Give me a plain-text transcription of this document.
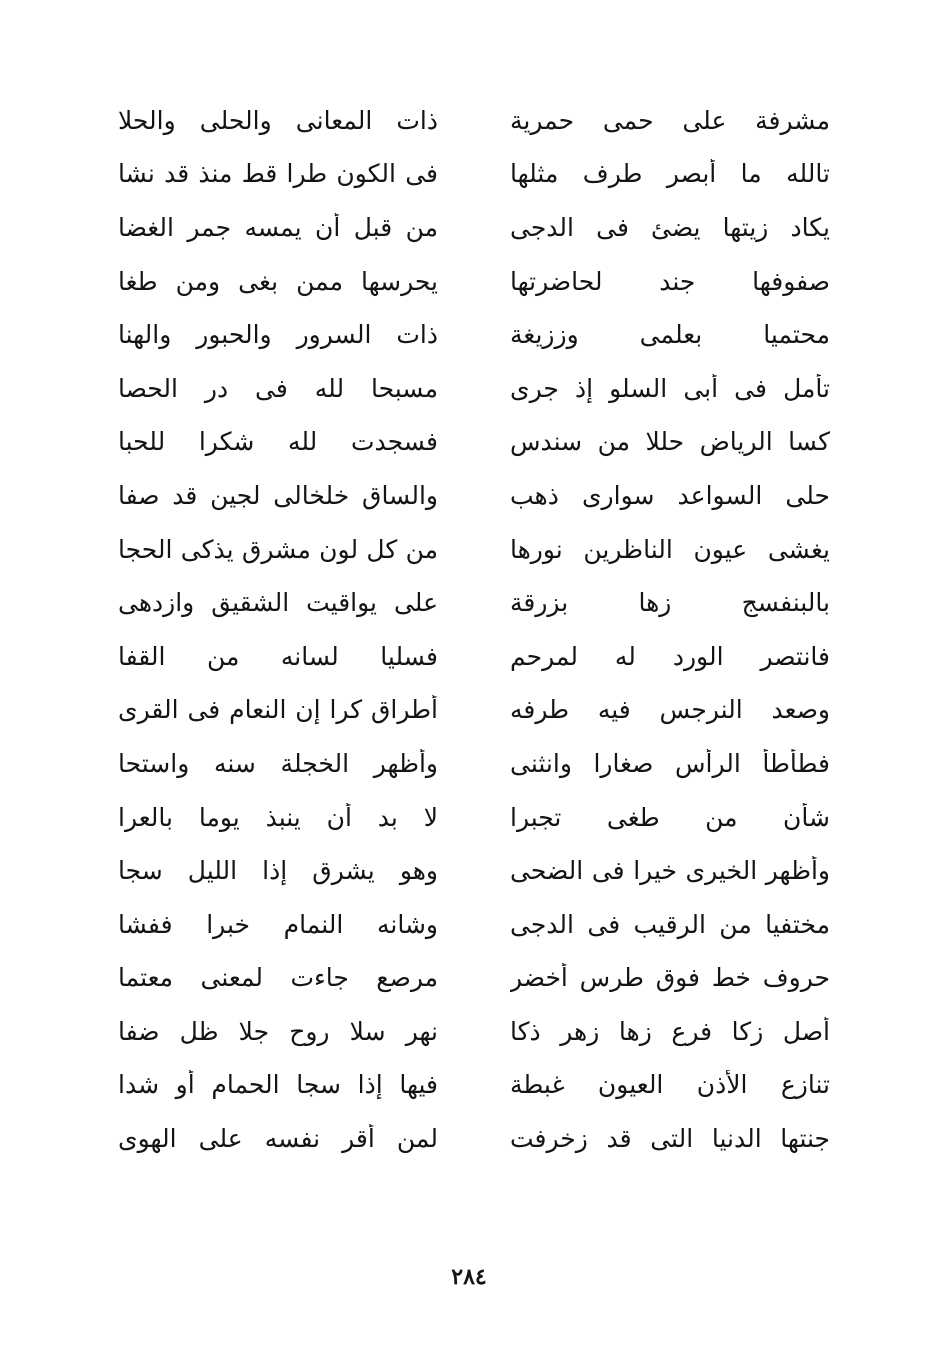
مشرفة على حمى حمرية
ذات المعانى والحلى والحلا
تالله ما أبصر طرف مثلها
فى الكون طرا قط منذ قد نشا
يكاد زيتها يضئ فى الدجى
من قبل أن يمسه جمر الغضا
صفوفها جند لحاضرتها
يحرسها ممن بغى ومن طغا
محتميا بعلمى وززيغة
ذات السرور والحبور والهنا
تأمل فى أبى السلو إذ جرى
مسبحا لله فى در الحصا
كسا الرياض حللا من سندس
فسجدت لله شكرا للحبا
حلى السواعد سوارى ذهب
والساق خلخالى لجين قد صفا
يغشى عيون الناظرين نورها
من كل لون مشرق يذكى الحجا
بالبنفسج زها بزرقة
على يواقيت الشقيق وازدهى
فانتصر الورد له لمرحم
فسليا لسانه من القفا
وصعد النرجس فيه طرفه
أطراق كرا إن النعام فى القرى
فطأطأ الرأس صغارا وانثنى
وأظهر الخجلة سنه واستحا
شأن من طغى تجبرا
لا بد أن ينبذ يوما بالعرا
وأظهر الخيرى خيرا فى الضحى
وهو يشرق إذا الليل سجا
مختفيا من الرقيب فى الدجى
وشانه النمام خبرا ففشا
حروف خط فوق طرس أخضر
مرصع جاءت لمعنى معتما
أصل زكا فرع زها زهر ذكا
نهر سلا روح جلا ظل ضفا
تنازع الأذن العيون غبطة
فيها إذا سجا الحمام أو شدا
جنتها الدنيا التى قد زخرفت
لمن أقر نفسه على الهوى
٢٨٤
